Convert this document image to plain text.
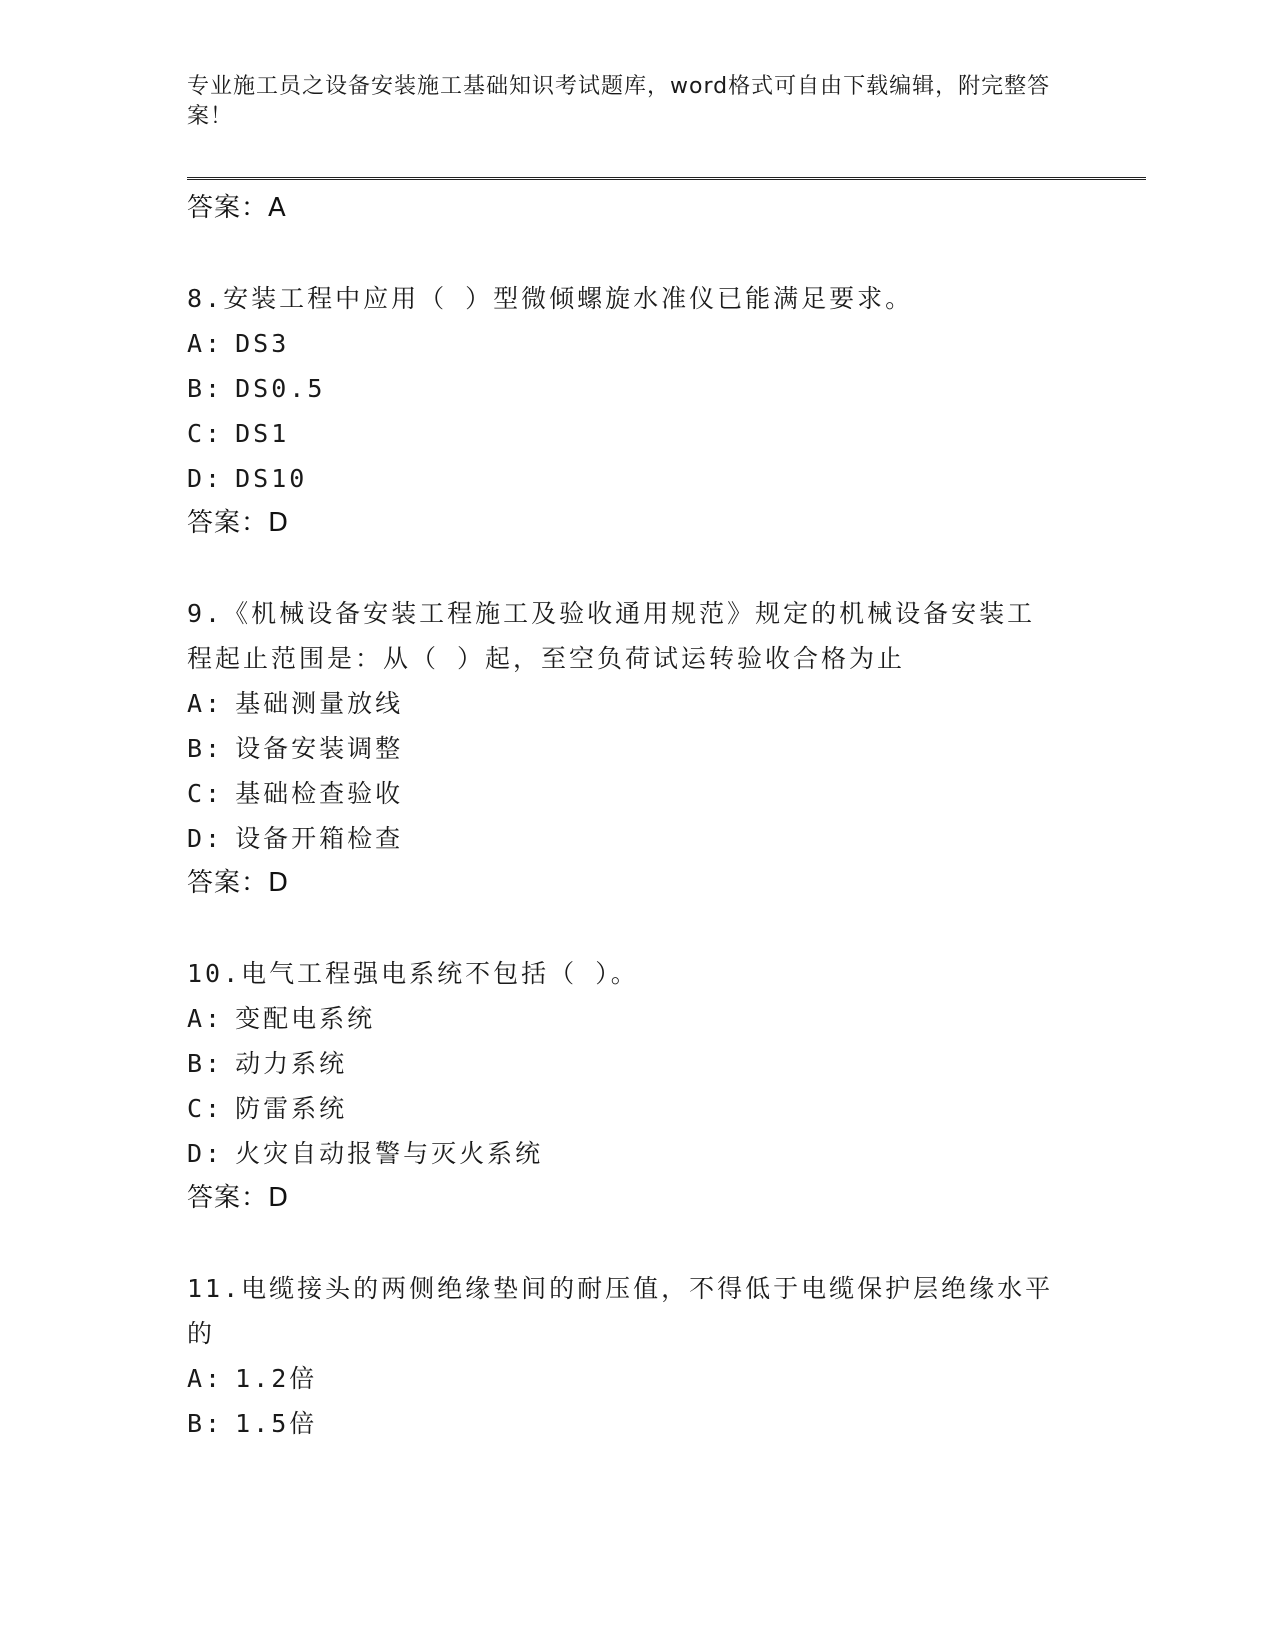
专业施工员之设备安装施工基础知识考试题库，word格式可自由下载编辑，附完整答案！
答案：A
8.安装工程中应用（ ）型微倾螺旋水准仪已能满足要求。
A: DS3
B: DS0.5
C: DS1
D: DS10
答案：D
9.《机械设备安装工程施工及验收通用规范》规定的机械设备安装工
程起止范围是：从（ ）起，至空负荷试运转验收合格为止
A: 基础测量放线
B: 设备安装调整
C: 基础检查验收
D: 设备开箱检查
答案：D
10.电气工程强电系统不包括（ ）。
A: 变配电系统
B: 动力系统
C: 防雷系统
D: 火灾自动报警与灭火系统
答案：D
11.电缆接头的两侧绝缘垫间的耐压值，不得低于电缆保护层绝缘水平
的
A: 1.2倍
B: 1.5倍
